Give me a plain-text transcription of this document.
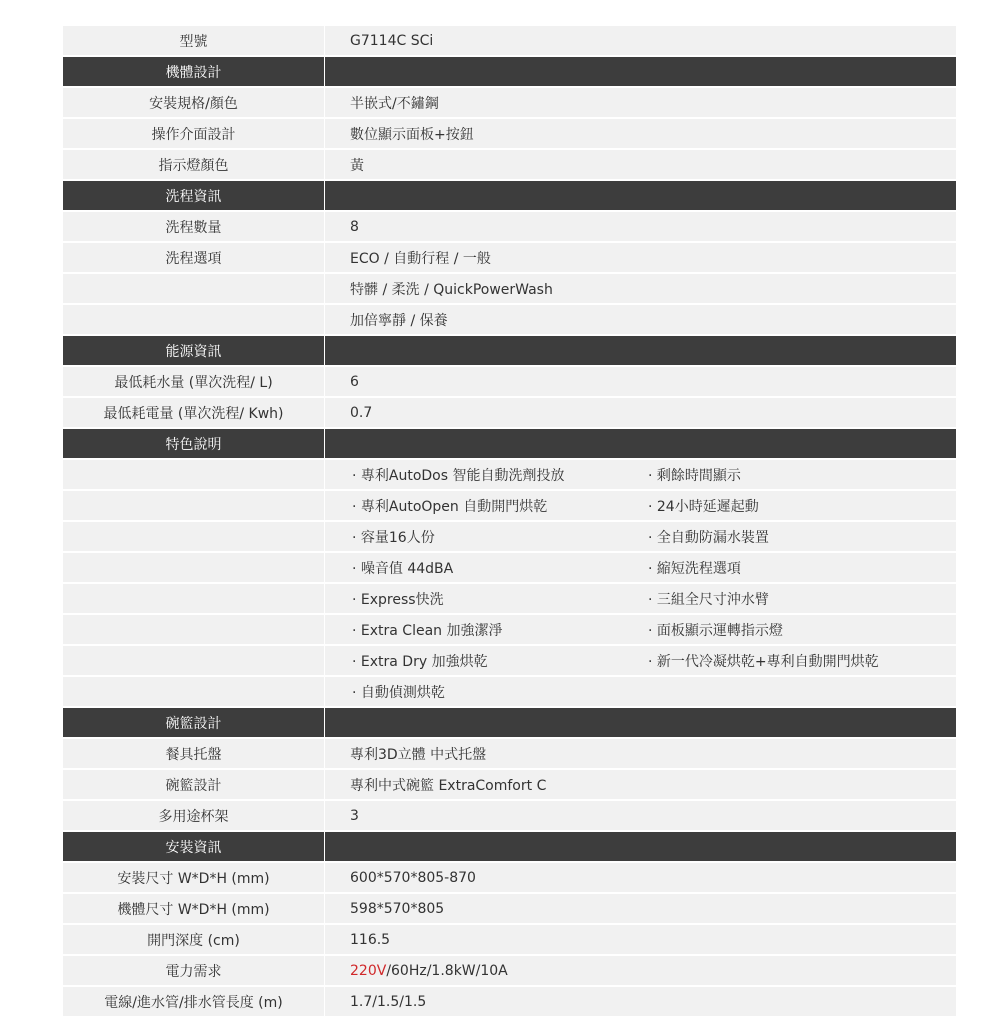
型號	G7114C SCi
機體設計
安裝規格/顏色	半嵌式/不鏽鋼
操作介面設計	數位顯示面板+按鈕
指示燈顏色	黃
洗程資訊
洗程數量	8
洗程選項	ECO / 自動行程 / 一般
特髒 / 柔洗 / QuickPowerWash
加倍寧靜 / 保養
能源資訊
最低耗水量 (單次洗程/ L)	6
最低耗電量 (單次洗程/ Kwh)	0.7
特色說明
· 專利AutoDos 智能自動洗劑投放	· 剩餘時間顯示
· 專利AutoOpen 自動開門烘乾	· 24小時延遲起動
· 容量16人份	· 全自動防漏水裝置
· 噪音值 44dBA	· 縮短洗程選項
· Express快洗	· 三組全尺寸沖水臂
· Extra Clean 加強潔淨	· 面板顯示運轉指示燈
· Extra Dry 加強烘乾	· 新一代冷凝烘乾+專利自動開門烘乾
· 自動偵測烘乾
碗籃設計
餐具托盤	專利3D立體 中式托盤
碗籃設計	專利中式碗籃 ExtraComfort C
多用途杯架	3
安裝資訊
安裝尺寸 W*D*H (mm)	600*570*805-870
機體尺寸 W*D*H (mm)	598*570*805
開門深度 (cm)	116.5
電力需求	220V /60Hz/1.8kW/10A
電線/進水管/排水管長度 (m)	1.7/1.5/1.5
